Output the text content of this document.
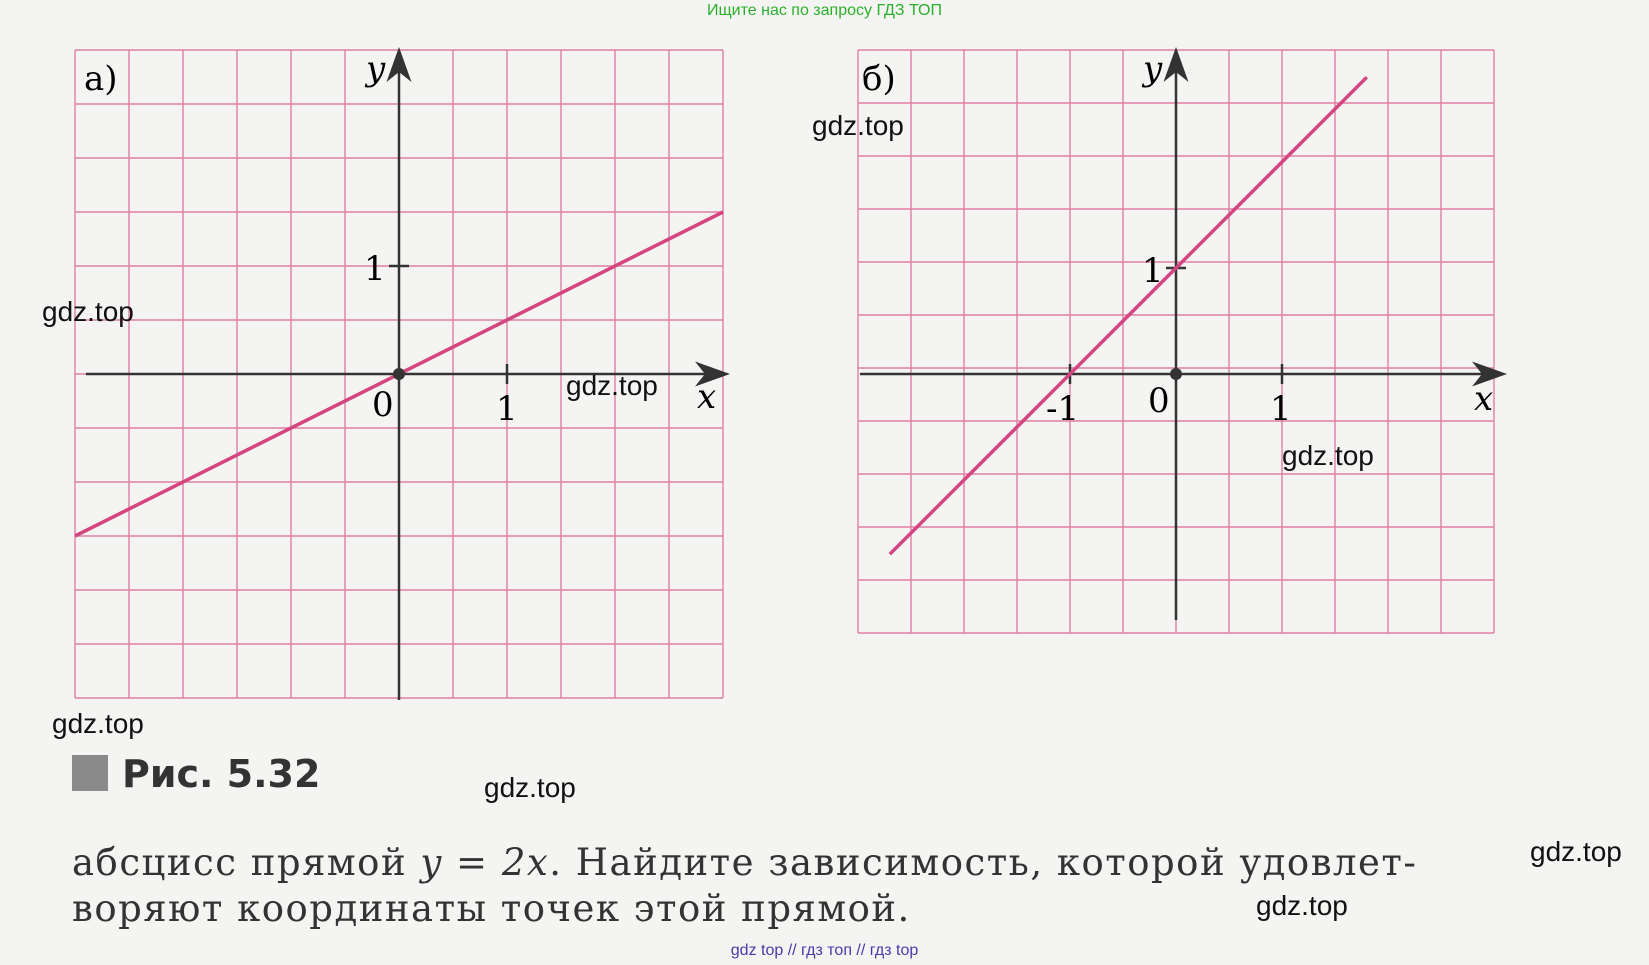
Ищите нас по запросу ГДЗ ТОП
а)	y
x
0	1
1
б)	y
x
0
-1	1
1
Рис. 5.32
абсцисс прямой y = 2x. Найдите зависимость, которой удовлет-
воряют координаты точек этой прямой.
gdz.top
gdz.top
gdz.top
gdz.top
gdz.top
gdz.top
gdz.top
gdz.top
gdz top // гдз топ // гдз top
